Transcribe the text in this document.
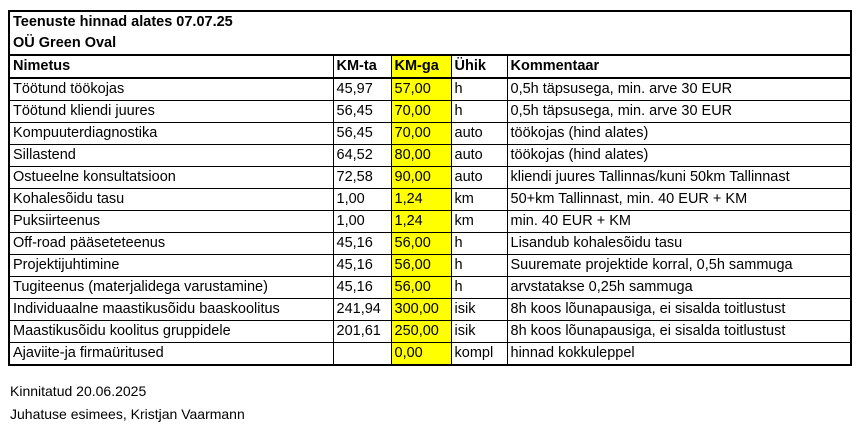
Teenuste hinnad alates 07.07.25				
OÜ Green Oval				
Nimetus	KM-ta	KM-ga	Ühik	Kommentaar
Töötund töökojas	45,97	57,00	h	0,5h täpsusega, min. arve 30 EUR
Töötund kliendi juures	56,45	70,00	h	0,5h täpsusega, min. arve 30 EUR
Kompuuterdiagnostika	56,45	70,00	auto	töökojas (hind alates)
Sillastend	64,52	80,00	auto	töökojas (hind alates)
Ostueelne konsultatsioon	72,58	90,00	auto	kliendi juures Tallinnas/kuni 50km Tallinnast
Kohalesõidu tasu	1,00	1,24	km	50+km Tallinnast, min. 40 EUR + KM
Puksiirteenus	1,00	1,24	km	min. 40 EUR + KM
Off-road pääseteteenus	45,16	56,00	h	Lisandub kohalesõidu tasu
Projektijuhtimine	45,16	56,00	h	Suuremate projektide korral, 0,5h sammuga
Tugiteenus (materjalidega varustamine)	45,16	56,00	h	arvstatakse 0,25h sammuga
Individuaalne maastikusõidu baaskoolitus	241,94	300,00	isik	8h koos lõunapausiga, ei sisalda toitlustust
Maastikusõidu koolitus gruppidele	201,61	250,00	isik	8h koos lõunapausiga, ei sisalda toitlustust
Ajaviite-ja firmaüritused		0,00	kompl	hinnad kokkuleppel
Kinnitatud 20.06.2025
Juhatuse esimees, Kristjan Vaarmann
